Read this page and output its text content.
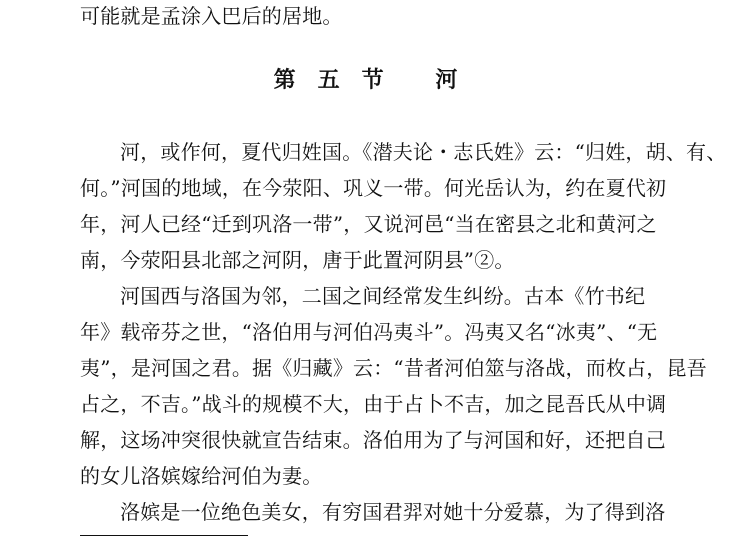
可能就是孟涂入巴后的居地。
第五节 河
河，或作何，夏代归姓国。《潜夫论・志氏姓》云：“归姓，胡、有、
何。”河国的地域，在今荥阳、巩义一带。何光岳认为，约在夏代初
年，河人已经“迁到巩洛一带”，又说河邑“当在密县之北和黄河之
南，今荥阳县北部之河阴，唐于此置河阴县”②。
河国西与洛国为邻，二国之间经常发生纠纷。古本《竹书纪
年》载帝芬之世，“洛伯用与河伯冯夷斗”。冯夷又名“冰夷”、“无
夷”，是河国之君。据《归藏》云：“昔者河伯筮与洛战，而枚占，昆吾
占之，不吉。”战斗的规模不大，由于占卜不吉，加之昆吾氏从中调
解，这场冲突很快就宣告结束。洛伯用为了与河国和好，还把自己
的女儿洛嫔嫁给河伯为妻。
洛嫔是一位绝色美女，有穷国君羿对她十分爱慕，为了得到洛
